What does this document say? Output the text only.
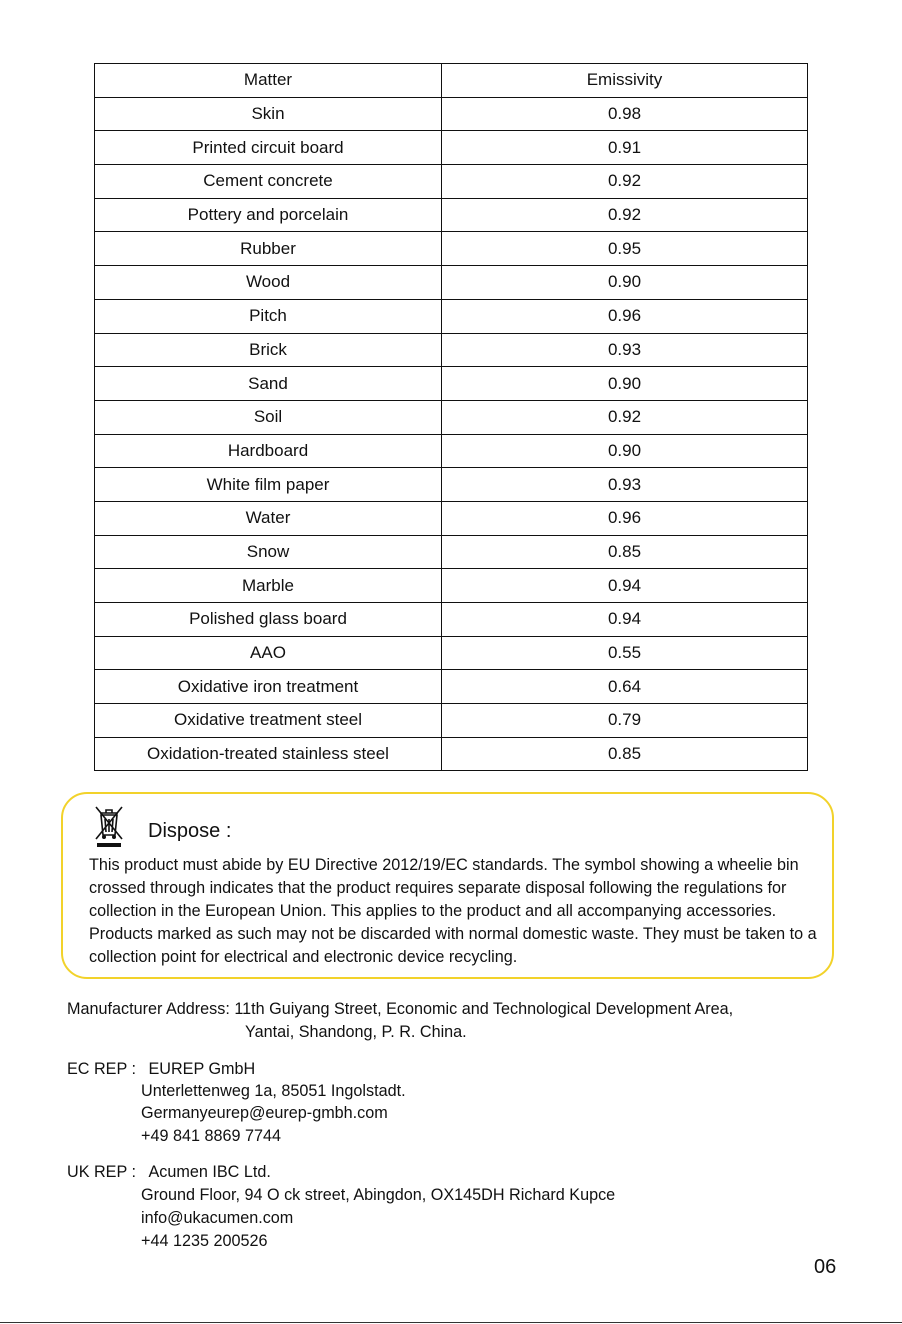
Matter	Emissivity
Skin	0.98
Printed circuit board	0.91
Cement concrete	0.92
Pottery and porcelain	0.92
Rubber	0.95
Wood	0.90
Pitch	0.96
Brick	0.93
Sand	0.90
Soil	0.92
Hardboard	0.90
White film paper	0.93
Water	0.96
Snow	0.85
Marble	0.94
Polished glass board	0.94
AAO	0.55
Oxidative iron treatment	0.64
Oxidative treatment steel	0.79
Oxidation-treated stainless steel	0.85
Dispose :
This product must abide by EU Directive 2012/19/EC standards. The symbol showing a wheelie bin crossed through indicates that the product requires separate disposal following the regulations for collection in the European Union. This applies to the product and all accompanying accessories. Products marked as such may not be discarded with normal domestic waste. They must be taken to a collection point for electrical and electronic device recycling.
Manufacturer Address: 11th Guiyang Street, Economic and Technological Development Area,
Yantai, Shandong, P. R. China.
EC REP : EUREP GmbH
Unterlettenweg 1a, 85051 Ingolstadt.
Germanyeurep@eurep-gmbh.com
+49 841 8869 7744
UK REP : Acumen IBC Ltd.
Ground Floor, 94 O ck street, Abingdon, OX145DH Richard Kupce
info@ukacumen.com
+44 1235 200526
06
